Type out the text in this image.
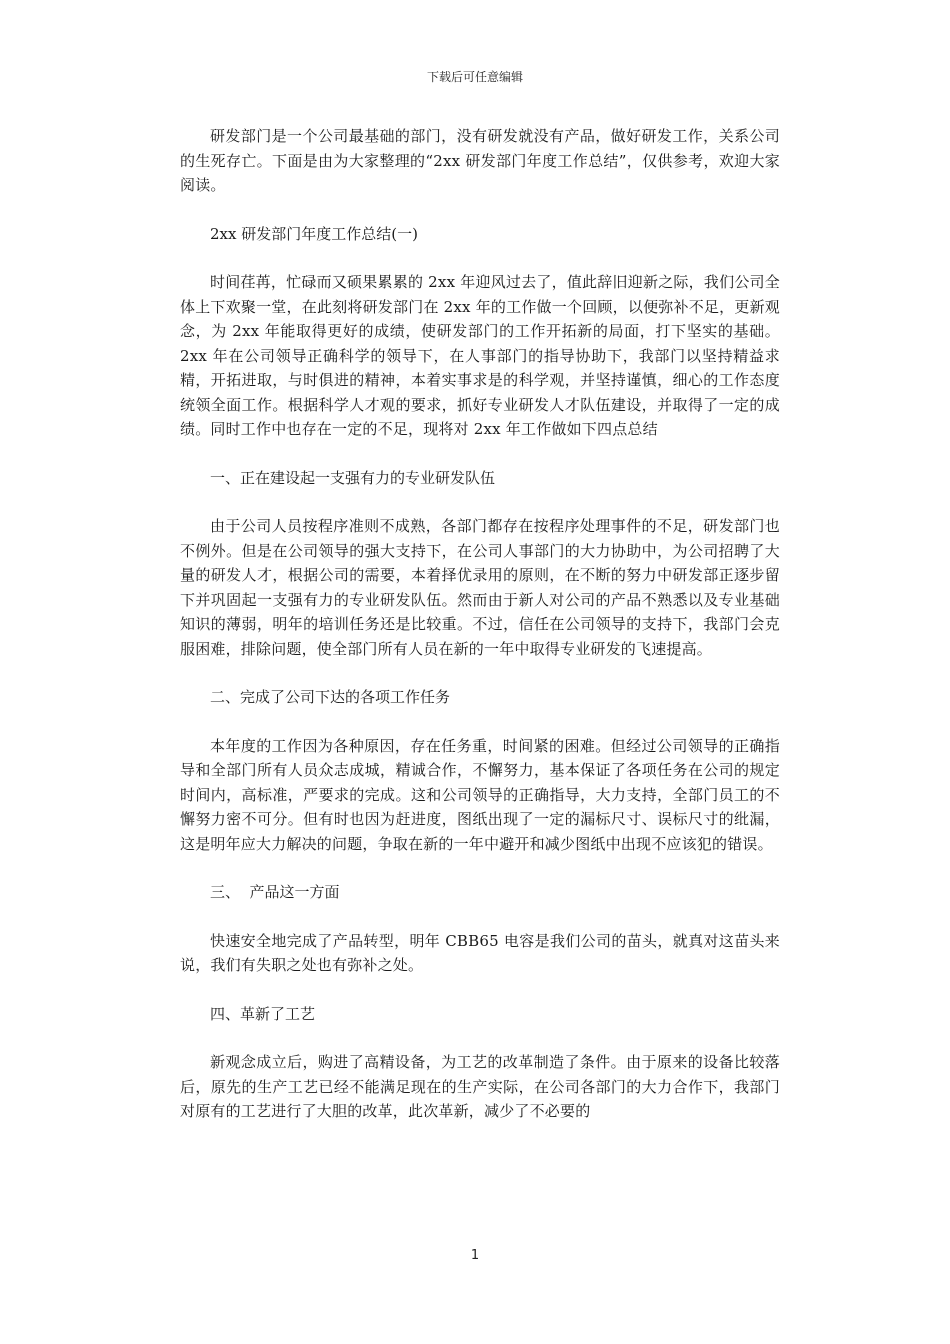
下载后可任意编辑

研发部门是一个公司最基础的部门，没有研发就没有产品，做好研发工作，关系公司的生死存亡。下面是由为大家整理的“2xx 研发部门年度工作总结”，仅供参考，欢迎大家阅读。

2xx 研发部门年度工作总结(一)

时间荏苒，忙碌而又硕果累累的 2xx 年迎风过去了，值此辞旧迎新之际，我们公司全体上下欢聚一堂，在此刻将研发部门在 2xx 年的工作做一个回顾，以便弥补不足，更新观念，为 2xx 年能取得更好的成绩，使研发部门的工作开拓新的局面，打下坚实的基础。2xx 年在公司领导正确科学的领导下，在人事部门的指导协助下，我部门以坚持精益求精，开拓进取，与时俱进的精神，本着实事求是的科学观，并坚持谨慎，细心的工作态度统领全面工作。根据科学人才观的要求，抓好专业研发人才队伍建设，并取得了一定的成绩。同时工作中也存在一定的不足，现将对 2xx 年工作做如下四点总结

一、正在建设起一支强有力的专业研发队伍

由于公司人员按程序准则不成熟，各部门都存在按程序处理事件的不足，研发部门也不例外。但是在公司领导的强大支持下，在公司人事部门的大力协助中，为公司招聘了大量的研发人才，根据公司的需要，本着择优录用的原则，在不断的努力中研发部正逐步留下并巩固起一支强有力的专业研发队伍。然而由于新人对公司的产品不熟悉以及专业基础知识的薄弱，明年的培训任务还是比较重。不过，信任在公司领导的支持下，我部门会克服困难，排除问题，使全部门所有人员在新的一年中取得专业研发的飞速提高。

二、完成了公司下达的各项工作任务

本年度的工作因为各种原因，存在任务重，时间紧的困难。但经过公司领导的正确指导和全部门所有人员众志成城，精诚合作，不懈努力，基本保证了各项任务在公司的规定时间内，高标准，严要求的完成。这和公司领导的正确指导，大力支持，全部门员工的不懈努力密不可分。但有时也因为赶进度，图纸出现了一定的漏标尺寸、误标尺寸的纰漏，这是明年应大力解决的问题，争取在新的一年中避开和减少图纸中出现不应该犯的错误。

三、  产品这一方面

快速安全地完成了产品转型，明年 CBB65 电容是我们公司的苗头，就真对这苗头来说，我们有失职之处也有弥补之处。

四、革新了工艺

新观念成立后，购进了高精设备，为工艺的改革制造了条件。由于原来的设备比较落后，原先的生产工艺已经不能满足现在的生产实际，在公司各部门的大力合作下，我部门对原有的工艺进行了大胆的改革，此次革新，减少了不必要的

1
